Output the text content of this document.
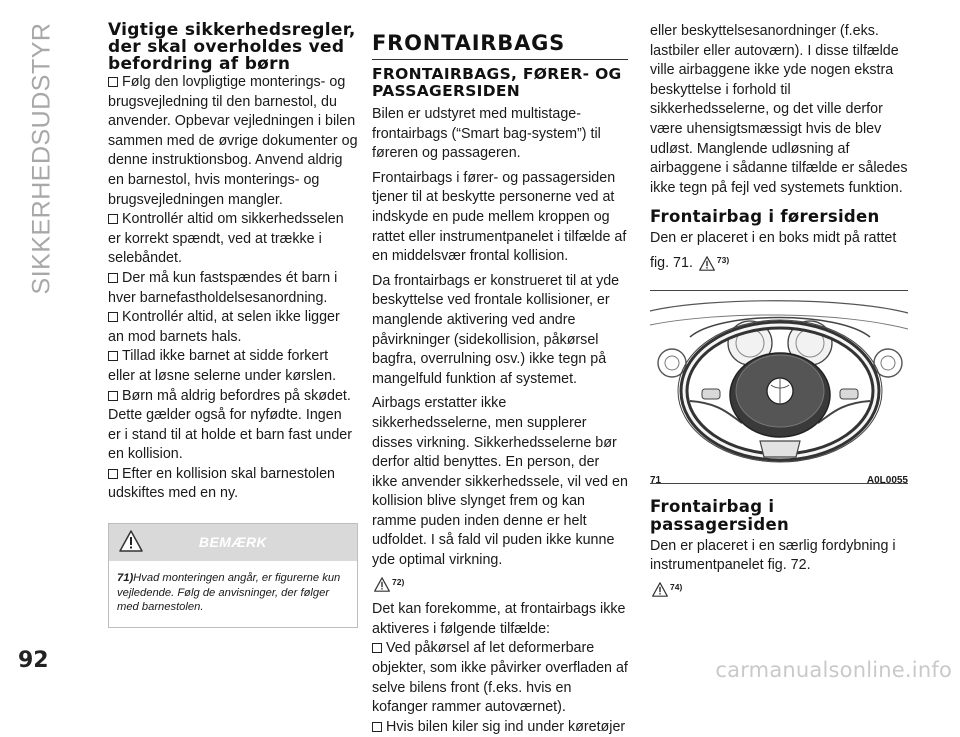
SIKKERHEDSUDSTYR	Vigtige sikkerhedsregler, der skal overholdes ved befordring af børn

Følg den lovpligtige monterings- og brugsvejledning til den barnestol, du anvender. Opbevar vejledningen i bilen sammen med de øvrige dokumenter og denne instruktionsbog. Anvend aldrig en barnestol, hvis monterings- og brugsvejledningen mangler.

Kontrollér altid om sikkerhedsselen er korrekt spændt, ved at trække i selebåndet.

Der må kun fastspændes ét barn i hver barnefastholdelsesanordning.

Kontrollér altid, at selen ikke ligger an mod barnets hals.

Tillad ikke barnet at sidde forkert eller at løsne selerne under kørslen.

Børn må aldrig befordres på skødet. Dette gælder også for nyfødte. Ingen er i stand til at holde et barn fast under en kollision.

Efter en kollision skal barnestolen udskiftes med en ny.

BEMÆRK
71)Hvad monteringen angår, er figurerne kun vejledende. Følg de anvisninger, der følger med barnestolen.
FRONTAIRBAGS
FRONTAIRBAGS, FØRER- OG PASSAGERSIDEN

Bilen er udstyret med multistage-frontairbags (“Smart bag-system”) til føreren og passageren.

Frontairbags i fører- og passagersiden tjener til at beskytte personerne ved at indskyde en pude mellem kroppen og rattet eller instrumentpanelet i tilfælde af en middelsvær frontal kollision.

Da frontairbags er konstrueret til at yde beskyttelse ved frontale kollisioner, er manglende aktivering ved andre påvirkninger (sidekollision, påkørsel bagfra, overrulning osv.) ikke tegn på mangelfuld funktion af systemet.

Airbags erstatter ikke sikkerhedsselerne, men supplerer disses virkning. Sikkerhedsselerne bør derfor altid benyttes. En person, der ikke anvender sikkerhedssele, vil ved en kollision blive slynget frem og kan ramme puden inden denne er helt udfoldet. I så fald vil puden ikke kunne yde optimal virkning.

$^{72)}$

Det kan forekomme, at frontairbags ikke aktiveres i følgende tilfælde:

Ved påkørsel af let deformerbare objekter, som ikke påvirker overfladen af selve bilens front (f.eks. hvis en kofanger rammer autoværnet).

Hvis bilen kiler sig ind under køretøjer

eller beskyttelsesanordninger (f.eks. lastbiler eller autoværn). I disse tilfælde ville airbaggene ikke yde nogen ekstra beskyttelse i forhold til sikkerhedsselerne, og det ville derfor være uhensigtsmæssigt hvis de blev udløst. Manglende udløsning af airbaggene i sådanne tilfælde er således ikke tegn på fejl ved systemets funktion.

Frontairbag i førersiden

Den er placeret i en boks midt på rattet fig. 71.	$^{73)}$

71	A0L0055
Frontairbag i passagersiden

Den er placeret i en særlig fordybning i instrumentpanelet fig. 72.

$^{74)}$
92	carmanualsonline.info
